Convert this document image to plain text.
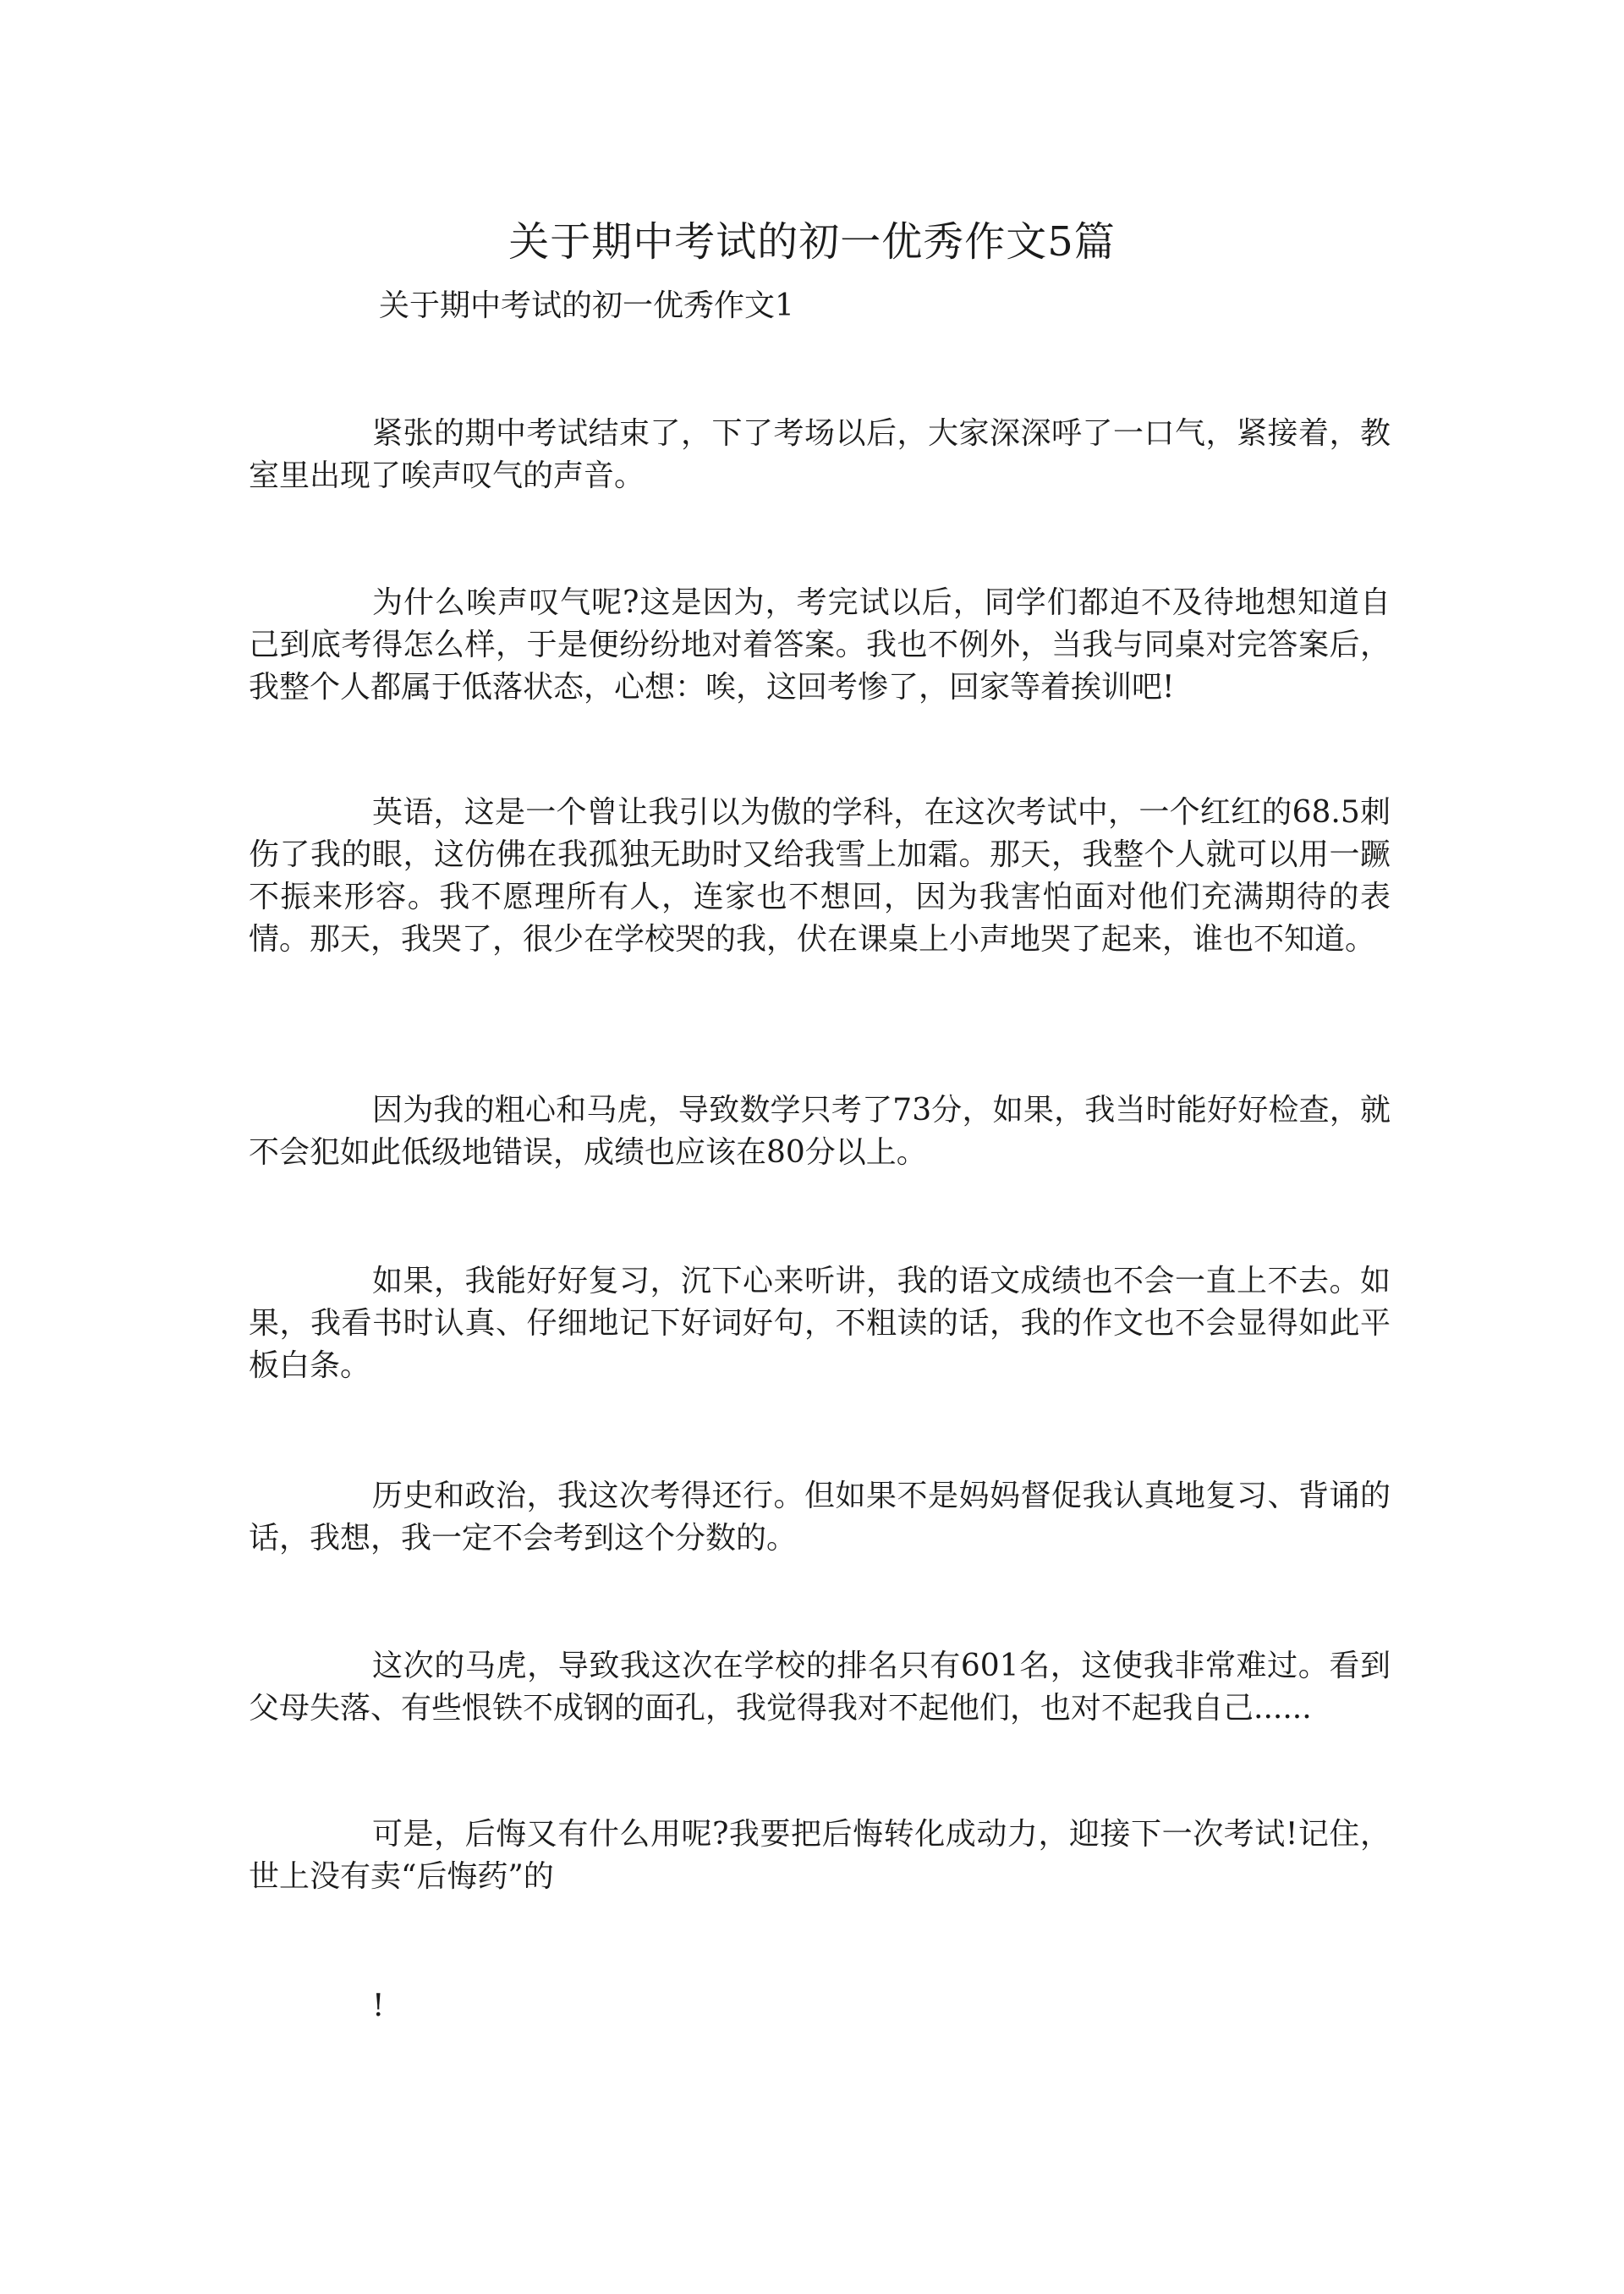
关于期中考试的初一优秀作文5篇
关于期中考试的初一优秀作文1

紧张的期中考试结束了，下了考场以后，大家深深呼了一口气，紧接着，教室里出现了唉声叹气的声音。

为什么唉声叹气呢?这是因为，考完试以后，同学们都迫不及待地想知道自己到底考得怎么样，于是便纷纷地对着答案。我也不例外，当我与同桌对完答案后，我整个人都属于低落状态，心想：唉，这回考惨了，回家等着挨训吧!

英语，这是一个曾让我引以为傲的学科，在这次考试中，一个红红的68.5刺伤了我的眼，这仿佛在我孤独无助时又给我雪上加霜。那天，我整个人就可以用一蹶不振来形容。我不愿理所有人，连家也不想回，因为我害怕面对他们充满期待的表情。那天，我哭了，很少在学校哭的我，伏在课桌上小声地哭了起来，谁也不知道。

因为我的粗心和马虎，导致数学只考了73分，如果，我当时能好好检查，就不会犯如此低级地错误，成绩也应该在80分以上。

如果，我能好好复习，沉下心来听讲，我的语文成绩也不会一直上不去。如果，我看书时认真、仔细地记下好词好句，不粗读的话，我的作文也不会显得如此平板白条。

历史和政治，我这次考得还行。但如果不是妈妈督促我认真地复习、背诵的话，我想，我一定不会考到这个分数的。

这次的马虎，导致我这次在学校的排名只有601名，这使我非常难过。看到父母失落、有些恨铁不成钢的面孔，我觉得我对不起他们，也对不起我自己......

可是，后悔又有什么用呢?我要把后悔转化成动力，迎接下一次考试!记住，世上没有卖“后悔药”的

!
